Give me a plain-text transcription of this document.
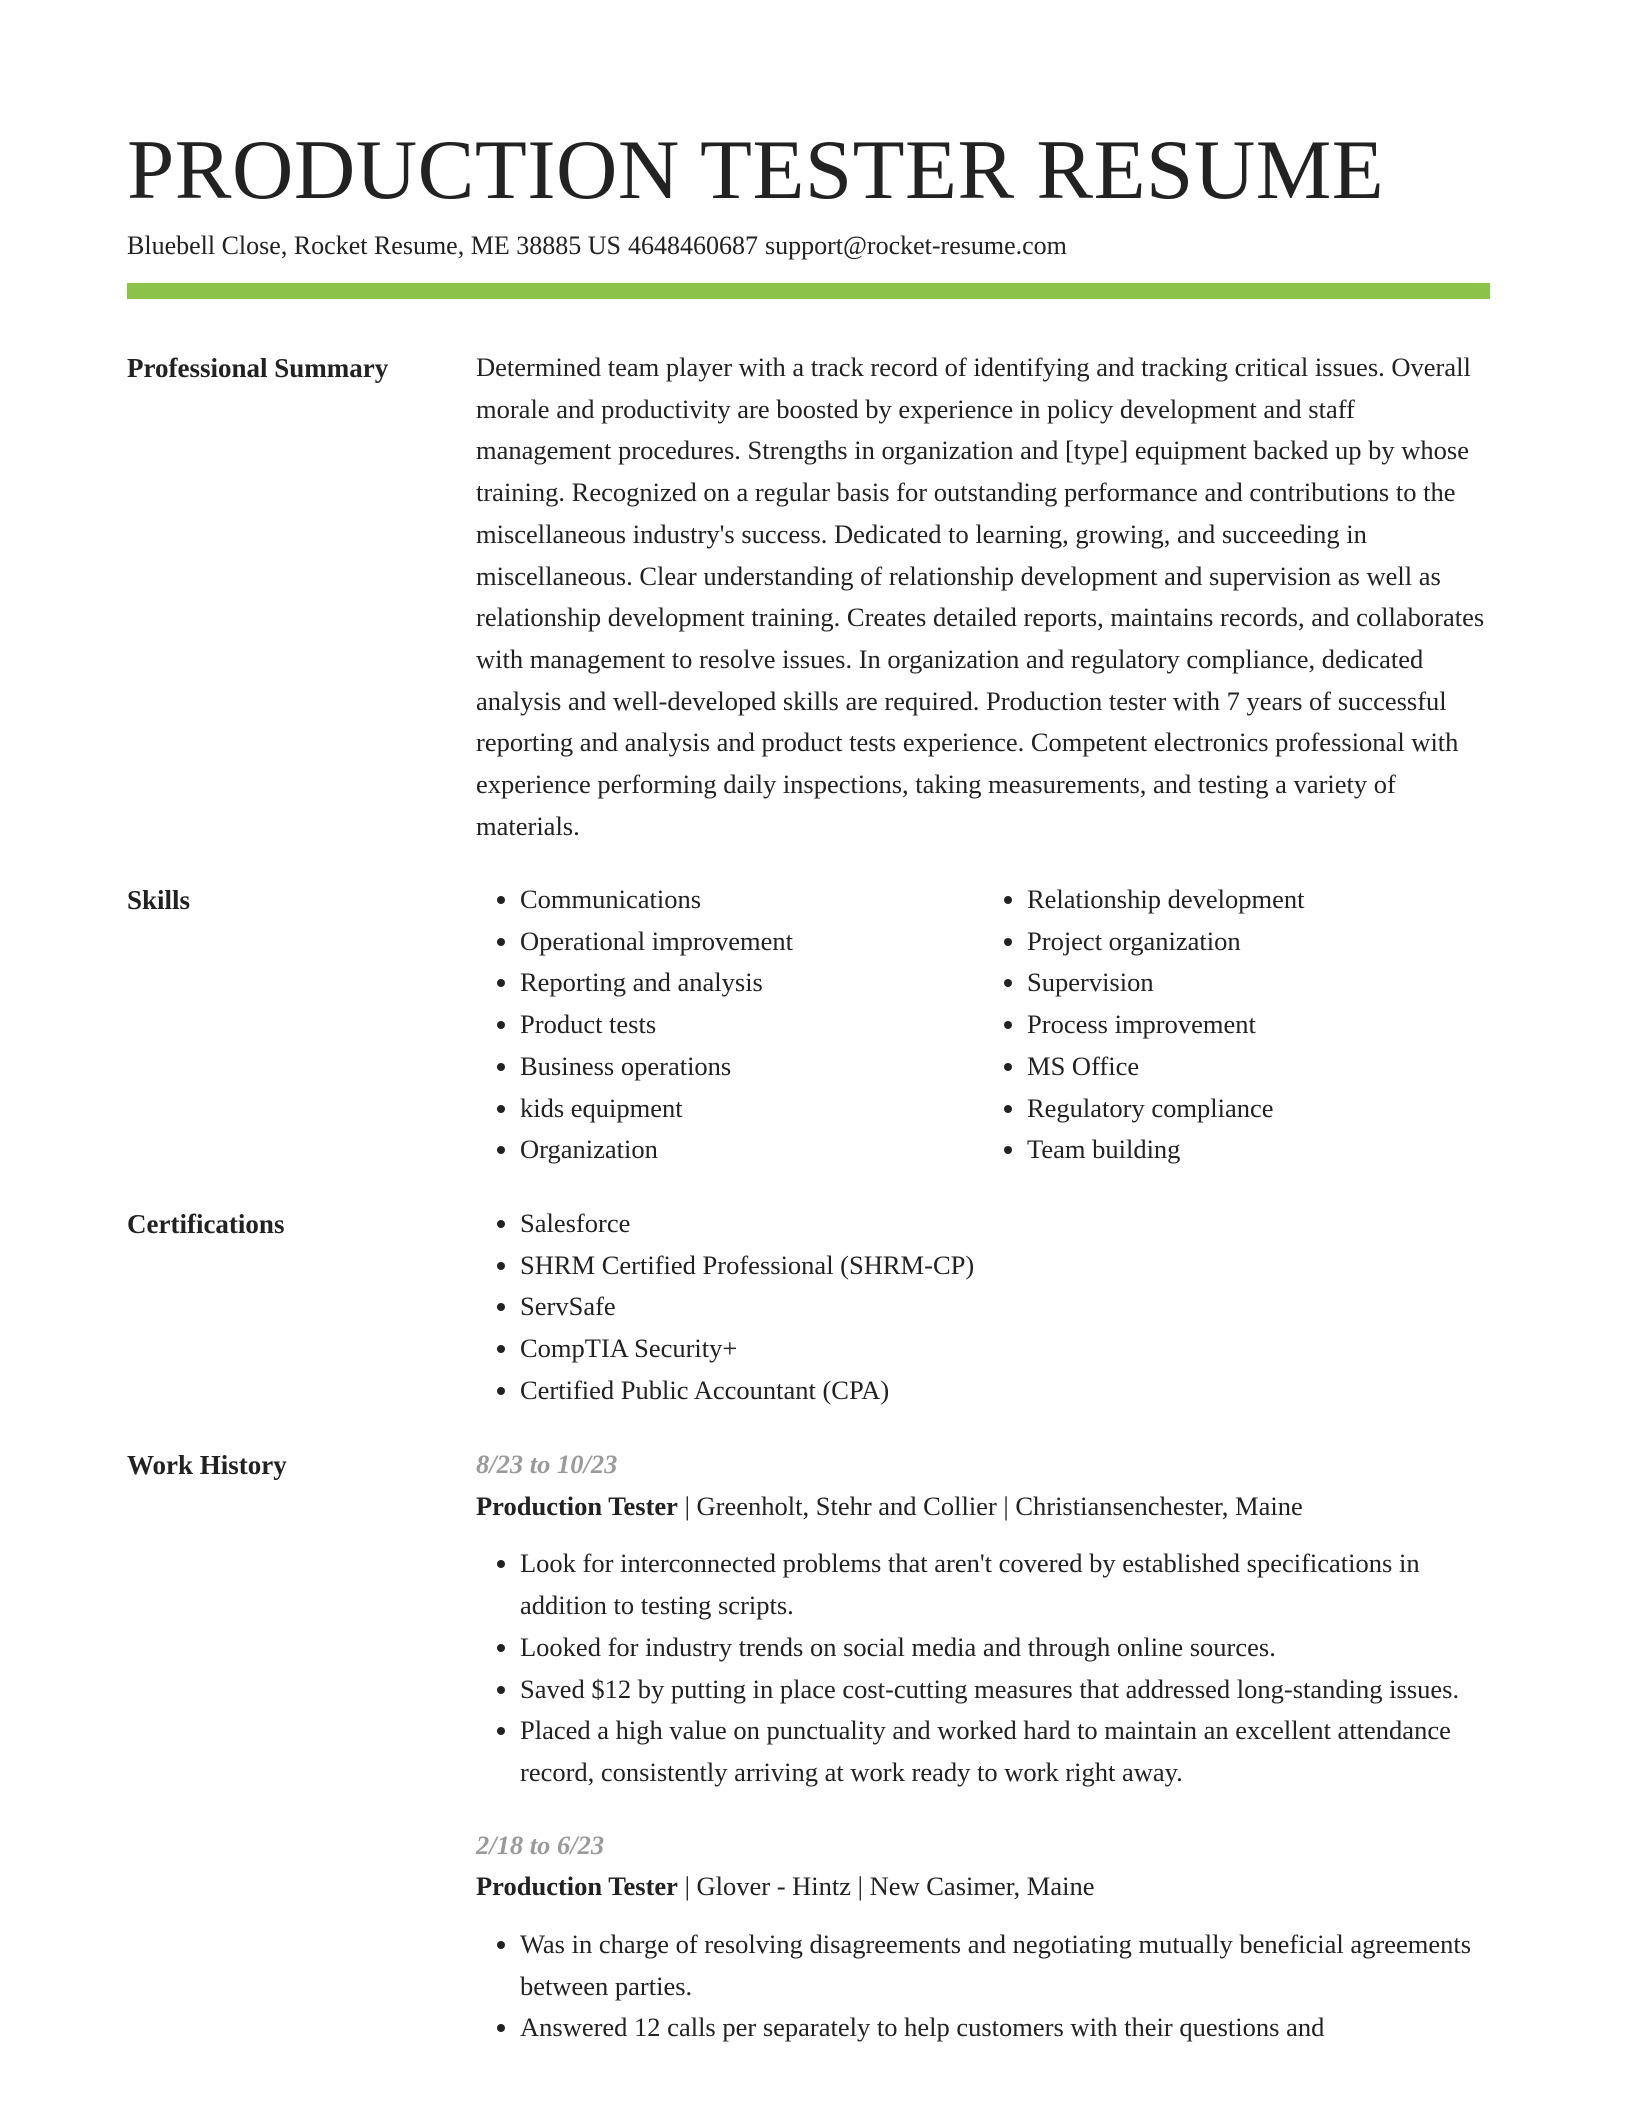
PRODUCTION TESTER RESUME
Bluebell Close, Rocket Resume, ME 38885 US 4648460687 support@rocket-resume.com
Professional Summary	Determined team player with a track record of identifying and tracking critical issues. Overall morale and productivity are boosted by experience in policy development and staff management procedures. Strengths in organization and [type] equipment backed up by whose training. Recognized on a regular basis for outstanding performance and contributions to the miscellaneous industry's success. Dedicated to learning, growing, and succeeding in miscellaneous. Clear understanding of relationship development and supervision as well as relationship development training. Creates detailed reports, maintains records, and collaborates with management to resolve issues. In organization and regulatory compliance, dedicated analysis and well-developed skills are required. Production tester with 7 years of successful reporting and analysis and product tests experience. Competent electronics professional with experience performing daily inspections, taking measurements, and testing a variety of materials.

Skills	• Communications
• Operational improvement
• Reporting and analysis
• Product tests
• Business operations
• kids equipment
• Organization
• Relationship development
• Project organization
• Supervision
• Process improvement
• MS Office
• Regulatory compliance
• Team building
Certifications	• Salesforce
• SHRM Certified Professional (SHRM-CP)
• ServSafe
• CompTIA Security+
• Certified Public Accountant (CPA)
Work History	8/23 to 10/23

Production Tester | Greenholt, Stehr and Collier | Christiansenchester, Maine

• Look for interconnected problems that aren't covered by established specifications in addition to testing scripts.
• Looked for industry trends on social media and through online sources.
• Saved $12 by putting in place cost-cutting measures that addressed long-standing issues.
• Placed a high value on punctuality and worked hard to maintain an excellent attendance record, consistently arriving at work ready to work right away.

2/18 to 6/23

Production Tester | Glover - Hintz | New Casimer, Maine

• Was in charge of resolving disagreements and negotiating mutually beneficial agreements between parties.
• Answered 12 calls per separately to help customers with their questions and
